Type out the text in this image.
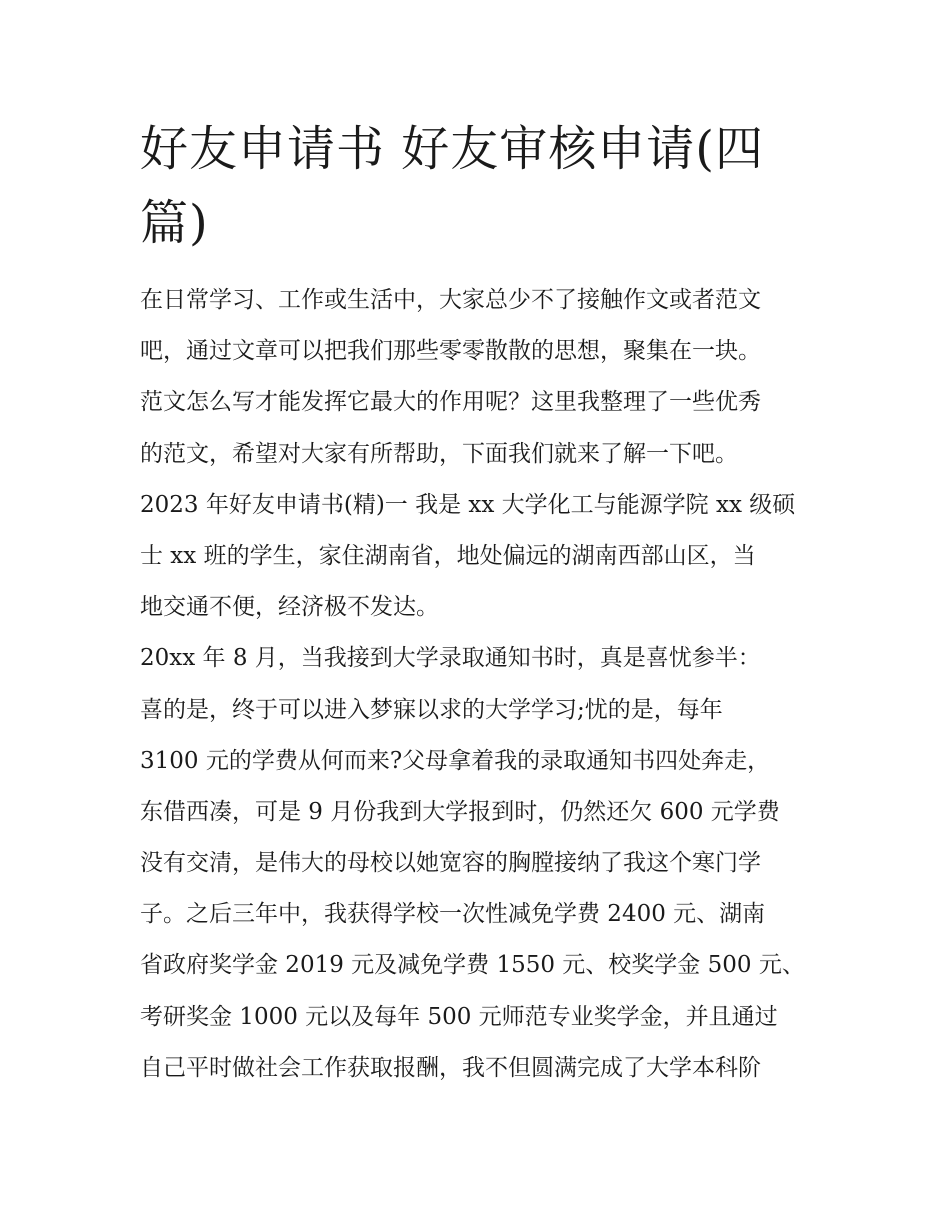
好友申请书 好友审核申请(四
篇)
在日常学习、工作或生活中，大家总少不了接触作文或者范文
吧，通过文章可以把我们那些零零散散的思想，聚集在一块。
范文怎么写才能发挥它最大的作用呢？这里我整理了一些优秀
的范文，希望对大家有所帮助，下面我们就来了解一下吧。
2023 年好友申请书(精)一 我是 xx 大学化工与能源学院 xx 级硕
士 xx 班的学生，家住湖南省，地处偏远的湖南西部山区，当
地交通不便，经济极不发达。
20xx 年 8 月，当我接到大学录取通知书时，真是喜忧参半：
喜的是，终于可以进入梦寐以求的大学学习;忧的是，每年
3100 元的学费从何而来?父母拿着我的录取通知书四处奔走，
东借西凑，可是 9 月份我到大学报到时，仍然还欠 600 元学费
没有交清，是伟大的母校以她宽容的胸膛接纳了我这个寒门学
子。之后三年中，我获得学校一次性减免学费 2400 元、湖南
省政府奖学金 2019 元及减免学费 1550 元、校奖学金 500 元、
考研奖金 1000 元以及每年 500 元师范专业奖学金，并且通过
自己平时做社会工作获取报酬，我不但圆满完成了大学本科阶
